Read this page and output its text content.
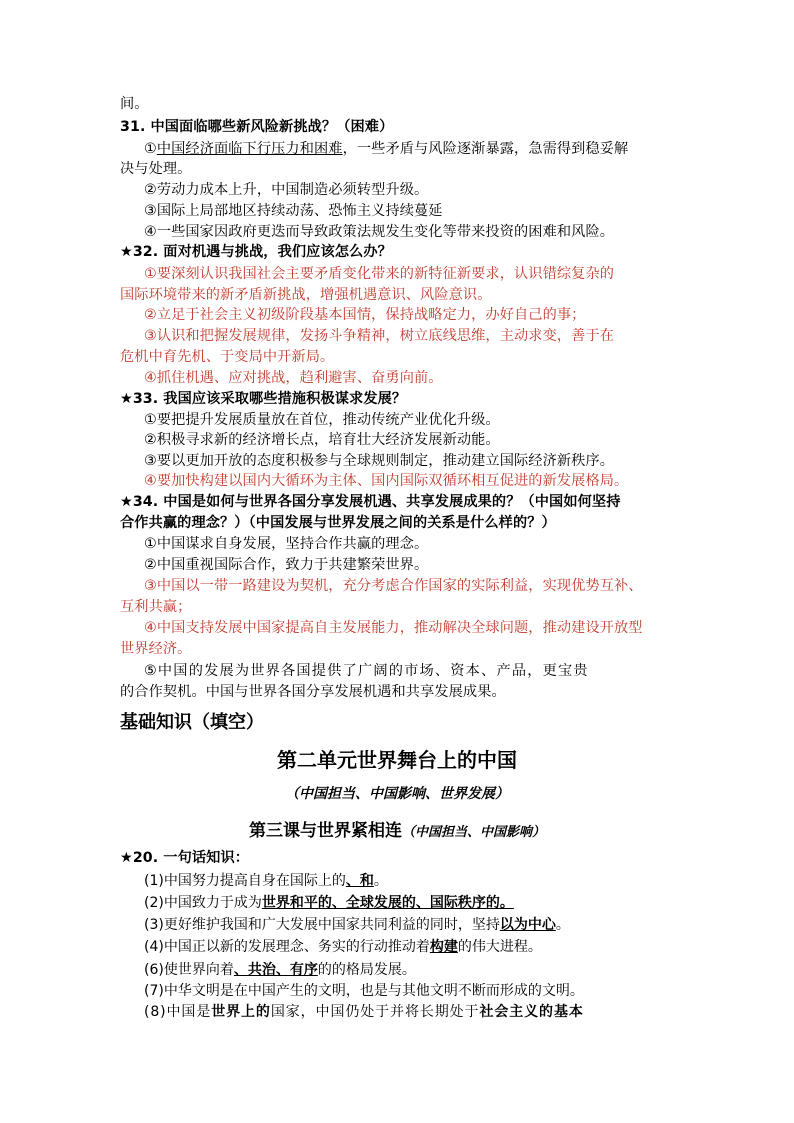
间。
31. 中国面临哪些新风险新挑战？（困难）
①中国经济面临下行压力和困难，一些矛盾与风险逐渐暴露，急需得到稳妥解
决与处理。
②劳动力成本上升，中国制造必须转型升级。
③国际上局部地区持续动荡、恐怖主义持续蔓延
④一些国家因政府更迭而导致政策法规发生变化等带来投资的困难和风险。
★32. 面对机遇与挑战，我们应该怎么办？
①要深刻认识我国社会主要矛盾变化带来的新特征新要求，认识错综复杂的
国际环境带来的新矛盾新挑战，增强机遇意识、风险意识。
②立足于社会主义初级阶段基本国情，保持战略定力，办好自己的事；
③认识和把握发展规律，发扬斗争精神，树立底线思维，主动求变，善于在
危机中育先机、于变局中开新局。
④抓住机遇、应对挑战，趋利避害、奋勇向前。
★33. 我国应该采取哪些措施积极谋求发展？
①要把提升发展质量放在首位，推动传统产业优化升级。
②积极寻求新的经济增长点，培育壮大经济发展新动能。
③要以更加开放的态度积极参与全球规则制定，推动建立国际经济新秩序。
④要加快构建以国内大循环为主体、国内国际双循环相互促进的新发展格局。
★34. 中国是如何与世界各国分享发展机遇、共享发展成果的？（中国如何坚持
合作共赢的理念？）（中国发展与世界发展之间的关系是什么样的？）
①中国谋求自身发展，坚持合作共赢的理念。
②中国重视国际合作，致力于共建繁荣世界。
③中国以一带一路建设为契机，充分考虑合作国家的实际利益，实现优势互补、
互利共赢；
④中国支持发展中国家提高自主发展能力，推动解决全球问题，推动建设开放型
世界经济。
⑤中国的发展为世界各国提供了广阔的市场、资本、产品，更宝贵
的合作契机。中国与世界各国分享发展机遇和共享发展成果。
基础知识（填空）
第二单元世界舞台上的中国
（中国担当、中国影响、世界发展）
第三课与世界紧相连（中国担当、中国影响）
★20. 一句话知识：
(1)中国努力提高自身在国际上的、和。
(2)中国致力于成为世界和平的、全球发展的、国际秩序的。
(3)更好维护我国和广大发展中国家共同利益的同时，坚持以为中心。
(4)中国正以新的发展理念、务实的行动推动着构建的伟大进程。
(6)使世界向着、共治、有序的的格局发展。
(7)中华文明是在中国产生的文明，也是与其他文明不断而形成的文明。
(8)中国是世界上的国家，中国仍处于并将长期处于社会主义的基本
